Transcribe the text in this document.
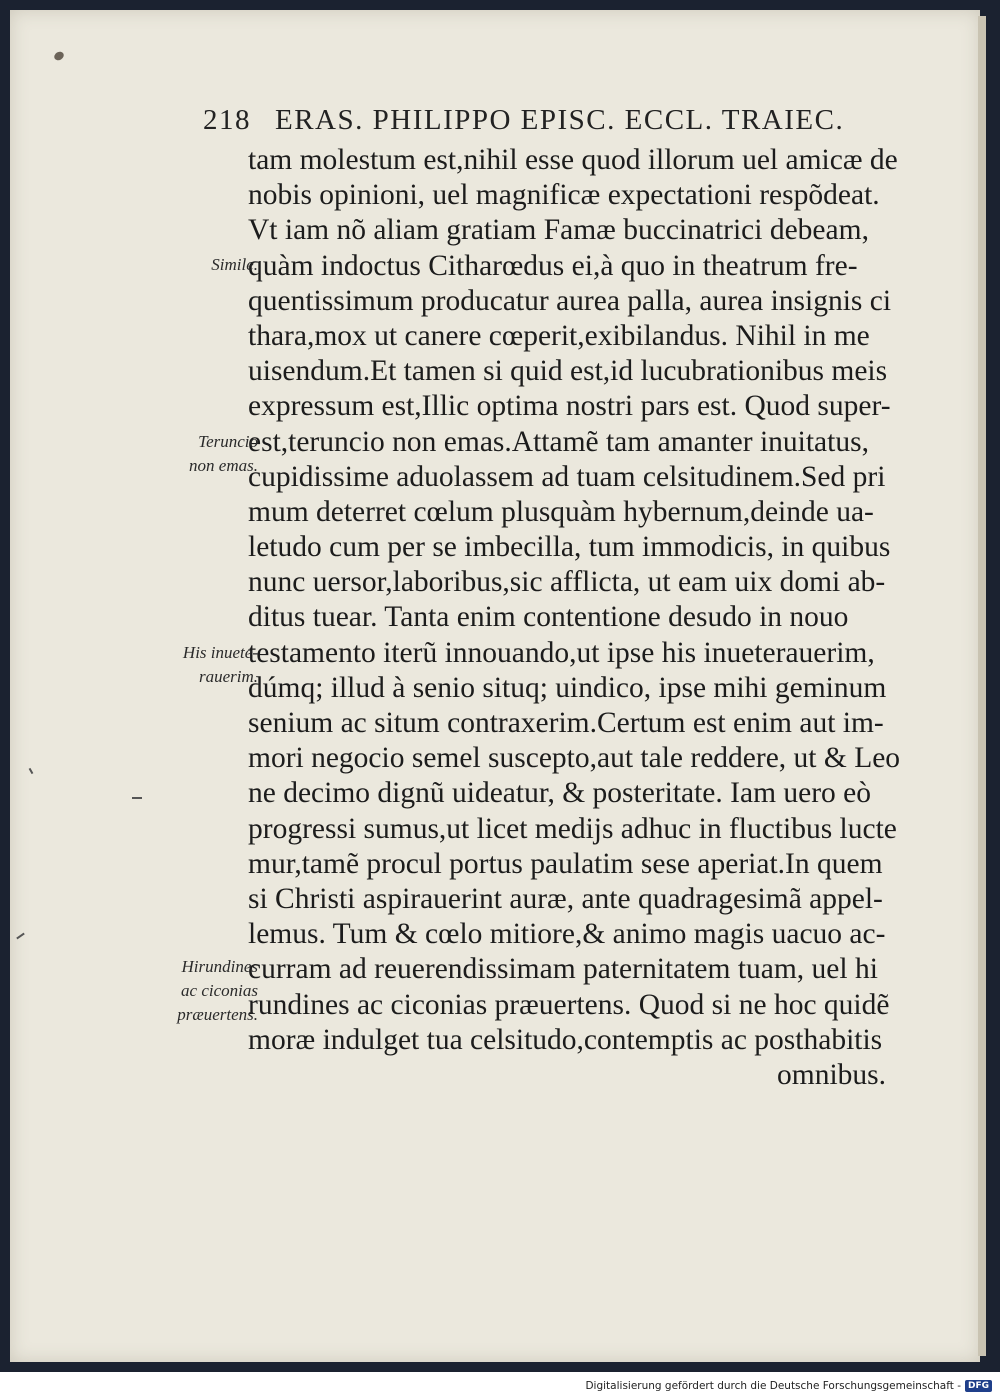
218 ERAS. PHILIPPO EPISC. ECCL. TRAIEC.
tam molestum est,nihil esse quod illorum uel amicæ de
nobis opinioni, uel magnificæ expectationi respõdeat.
Vt iam nõ aliam gratiam Famæ buccinatrici debeam,
quàm indoctus Citharœdus ei,à quo in theatrum fre-
quentissimum producatur aurea palla, aurea insignis ci
thara,mox ut canere cœperit,exibilandus. Nihil in me
uisendum.Et tamen si quid est,id lucubrationibus meis
expressum est,Illic optima nostri pars est. Quod super-
est,teruncio non emas.Attamẽ tam amanter inuitatus,
cupidissime aduolassem ad tuam celsitudinem.Sed pri
mum deterret cœlum plusquàm hybernum,deinde ua-
letudo cum per se imbecilla, tum immodicis, in quibus
nunc uersor,laboribus,sic afflicta, ut eam uix domi ab-
ditus tuear. Tanta enim contentione desudo in nouo
testamento iterũ innouando,ut ipse his inueterauerim,
dúmq; illud à senio situq; uindico, ipse mihi geminum
senium ac situm contraxerim.Certum est enim aut im-
mori negocio semel suscepto,aut tale reddere, ut & Leo
ne decimo dignũ uideatur, & posteritate. Iam uero eò
progressi sumus,ut licet medijs adhuc in fluctibus lucte
mur,tamẽ procul portus paulatim sese aperiat.In quem
si Christi aspirauerint auræ, ante quadragesimã appel-
lemus. Tum & cœlo mitiore,& animo magis uacuo ac-
curram ad reuerendissimam paternitatem tuam, uel hi
rundines ac ciconias præuertens. Quod si ne hoc quidẽ
moræ indulget tua celsitudo,contemptis ac posthabitis
omnibus.
Simile.
Teruncio
non emas.
His inuete-
rauerim.
Hirundines
ac ciconias
præuertens.
Digitalisierung gefördert durch die Deutsche Forschungsgemeinschaft - DFG
